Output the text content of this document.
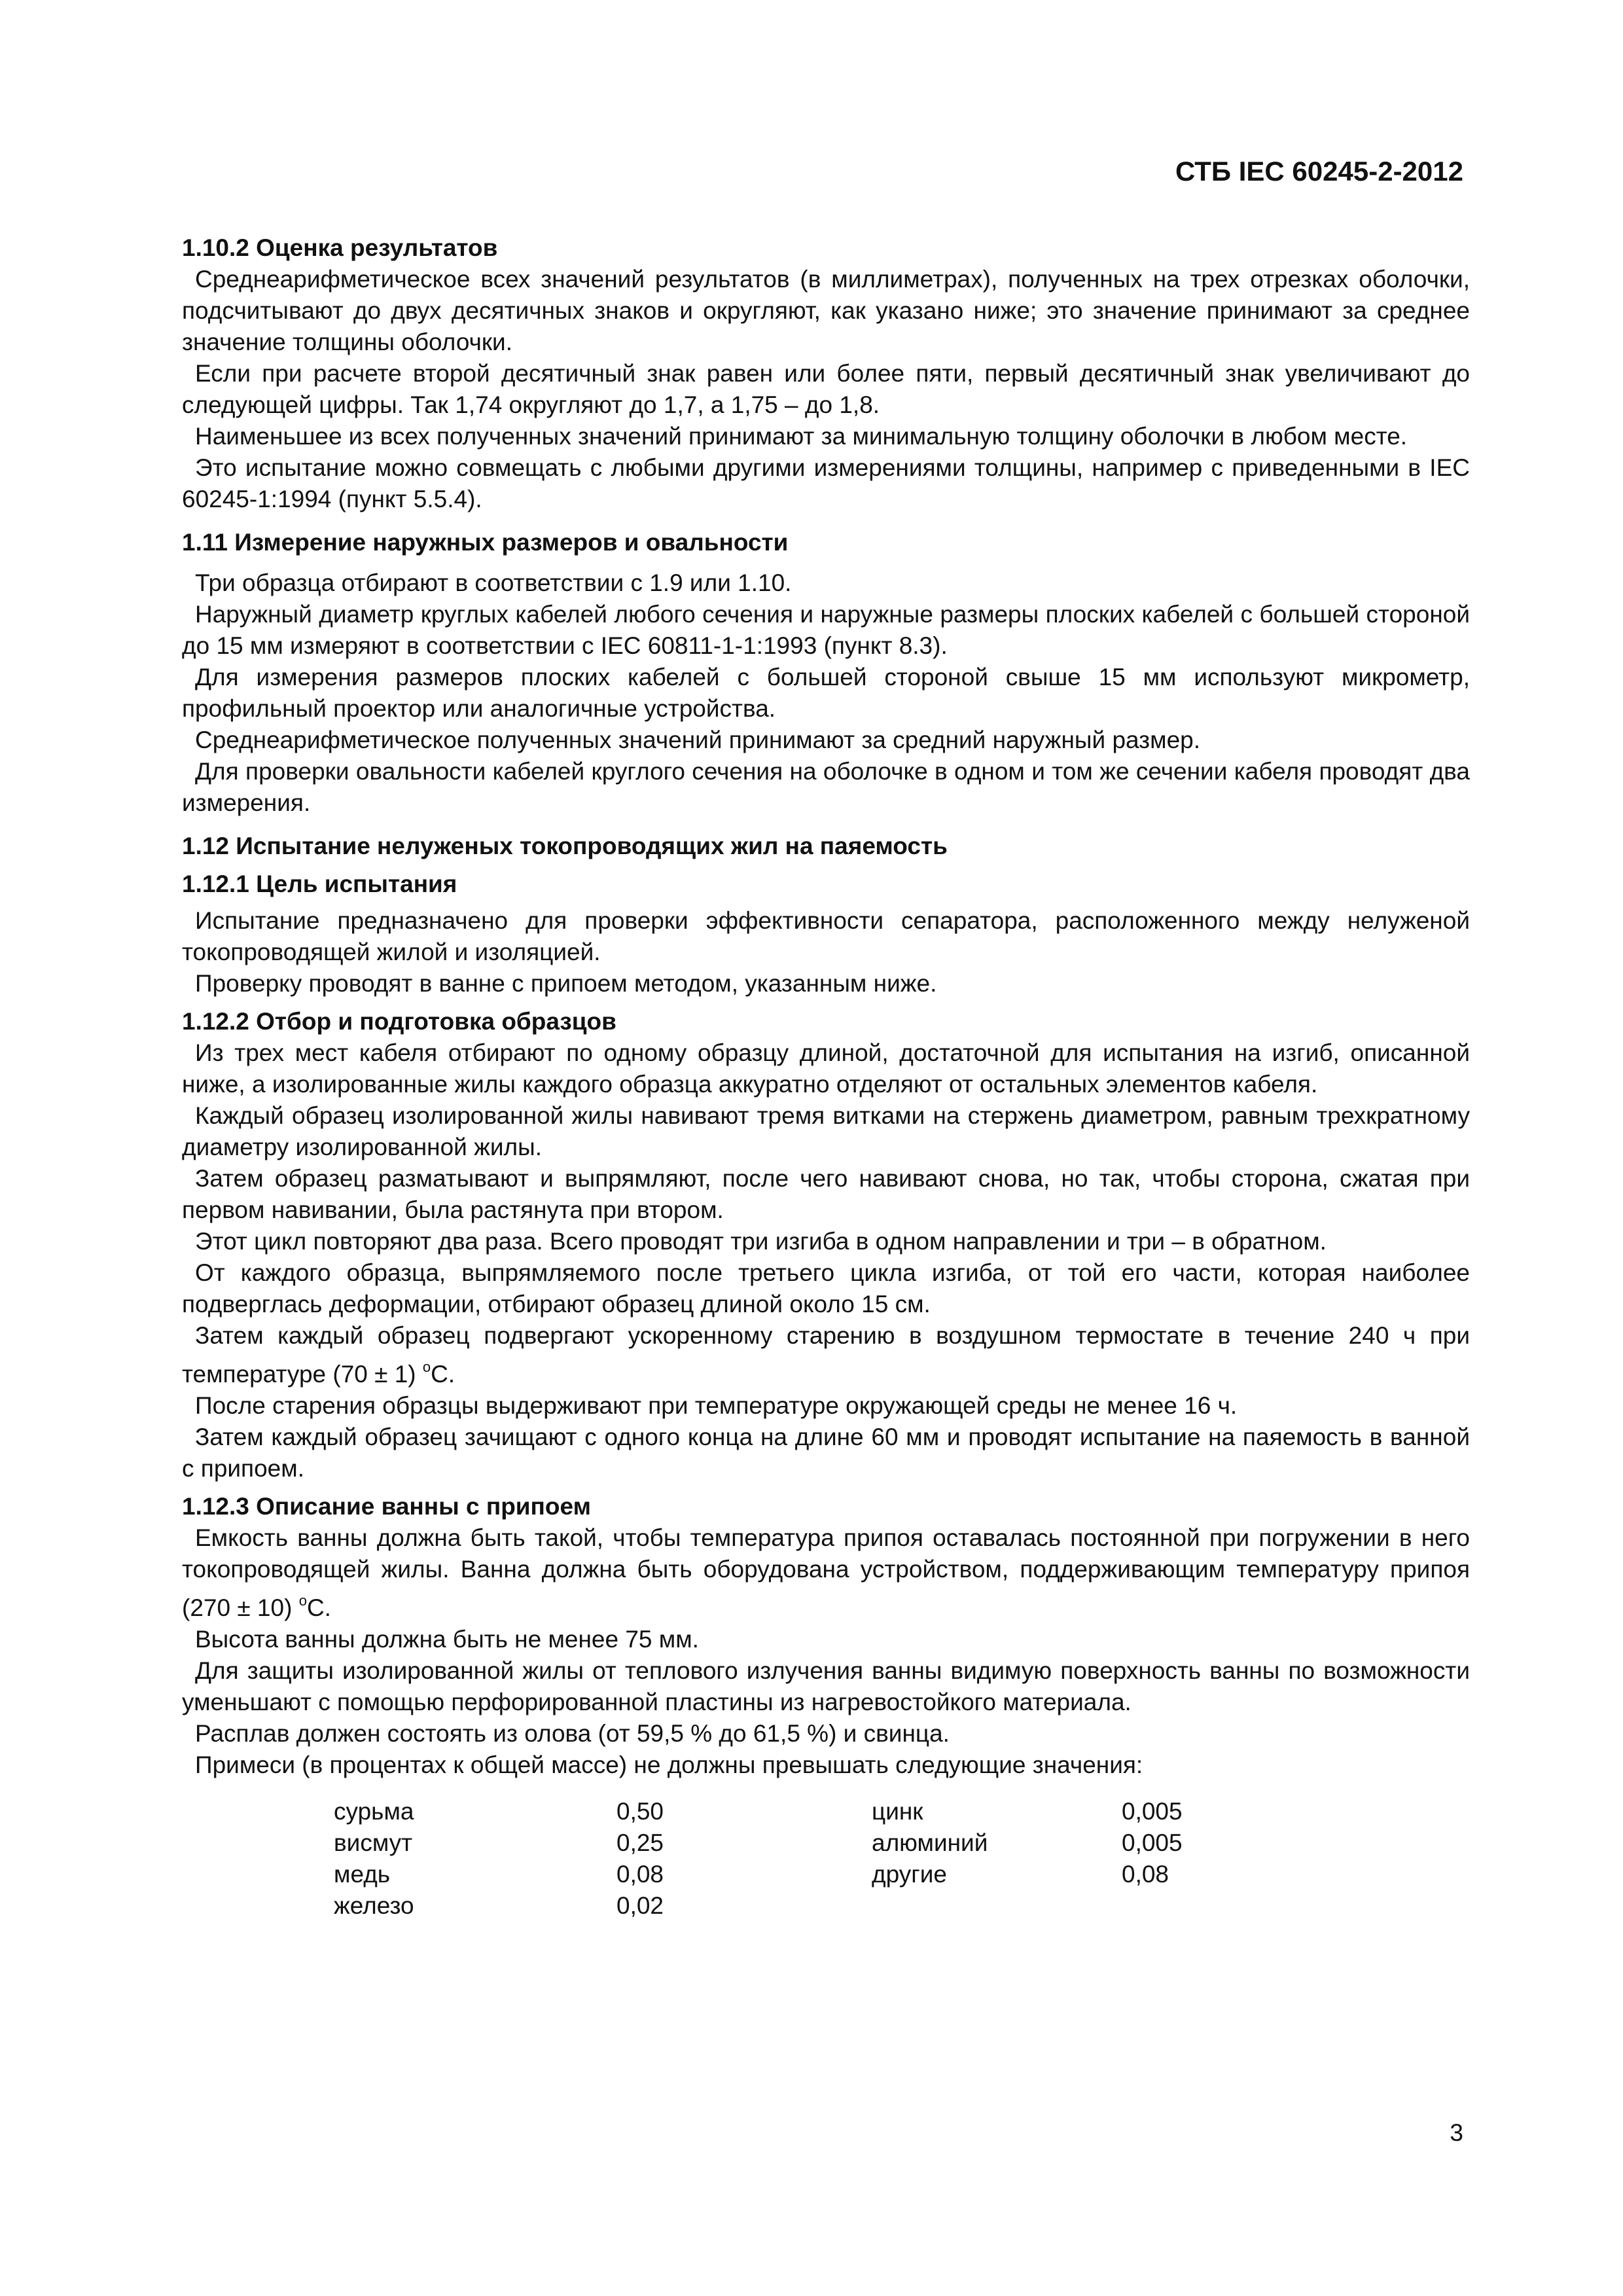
СТБ IEC 60245-2-2012
1.10.2 Оценка результатов

Среднеарифметическое всех значений результатов (в миллиметрах), полученных на трех отрезках оболочки, подсчитывают до двух десятичных знаков и округляют, как указано ниже; это значение принимают за среднее значение толщины оболочки.

Если при расчете второй десятичный знак равен или более пяти, первый десятичный знак увеличивают до следующей цифры. Так 1,74 округляют до 1,7, а 1,75 – до 1,8.

Наименьшее из всех полученных значений принимают за минимальную толщину оболочки в любом месте.

Это испытание можно совмещать с любыми другими измерениями толщины, например с приведенными в IEC 60245-1:1994 (пункт 5.5.4).

1.11 Измерение наружных размеров и овальности

Три образца отбирают в соответствии с 1.9 или 1.10.

Наружный диаметр круглых кабелей любого сечения и наружные размеры плоских кабелей с большей стороной до 15 мм измеряют в соответствии с IEC 60811-1-1:1993 (пункт 8.3).

Для измерения размеров плоских кабелей с большей стороной свыше 15 мм используют микрометр, профильный проектор или аналогичные устройства.

Среднеарифметическое полученных значений принимают за средний наружный размер.

Для проверки овальности кабелей круглого сечения на оболочке в одном и том же сечении кабеля проводят два измерения.

1.12 Испытание нелуженых токопроводящих жил на паяемость
1.12.1 Цель испытания

Испытание предназначено для проверки эффективности сепаратора, расположенного между нелуженой токопроводящей жилой и изоляцией.

Проверку проводят в ванне с припоем методом, указанным ниже.

1.12.2 Отбор и подготовка образцов

Из трех мест кабеля отбирают по одному образцу длиной, достаточной для испытания на изгиб, описанной ниже, а изолированные жилы каждого образца аккуратно отделяют от остальных элементов кабеля.

Каждый образец изолированной жилы навивают тремя витками на стержень диаметром, равным трехкратному диаметру изолированной жилы.

Затем образец разматывают и выпрямляют, после чего навивают снова, но так, чтобы сторона, сжатая при первом навивании, была растянута при втором.

Этот цикл повторяют два раза. Всего проводят три изгиба в одном направлении и три – в обратном.

От каждого образца, выпрямляемого после третьего цикла изгиба, от той его части, которая наиболее подверглась деформации, отбирают образец длиной около 15 см.

Затем каждый образец подвергают ускоренному старению в воздушном термостате в течение 240 ч при температуре (70 ± 1) $^о$С.

После старения образцы выдерживают при температуре окружающей среды не менее 16 ч.

Затем каждый образец зачищают с одного конца на длине 60 мм и проводят испытание на паяемость в ванной с припоем.

1.12.3 Описание ванны с припоем

Емкость ванны должна быть такой, чтобы температура припоя оставалась постоянной при погружении в него токопроводящей жилы. Ванна должна быть оборудована устройством, поддерживающим температуру припоя (270 ± 10) $^о$С.

Высота ванны должна быть не менее 75 мм.

Для защиты изолированной жилы от теплового излучения ванны видимую поверхность ванны по возможности уменьшают с помощью перфорированной пластины из нагревостойкого материала.

Расплав должен состоять из олова (от 59,5 % до 61,5 %) и свинца.

Примеси (в процентах к общей массе) не должны превышать следующие значения:

сурьма	0,50	цинк	0,005
висмут	0,25	алюминий	0,005
медь	0,08	другие	0,08
железо	0,02		
3
